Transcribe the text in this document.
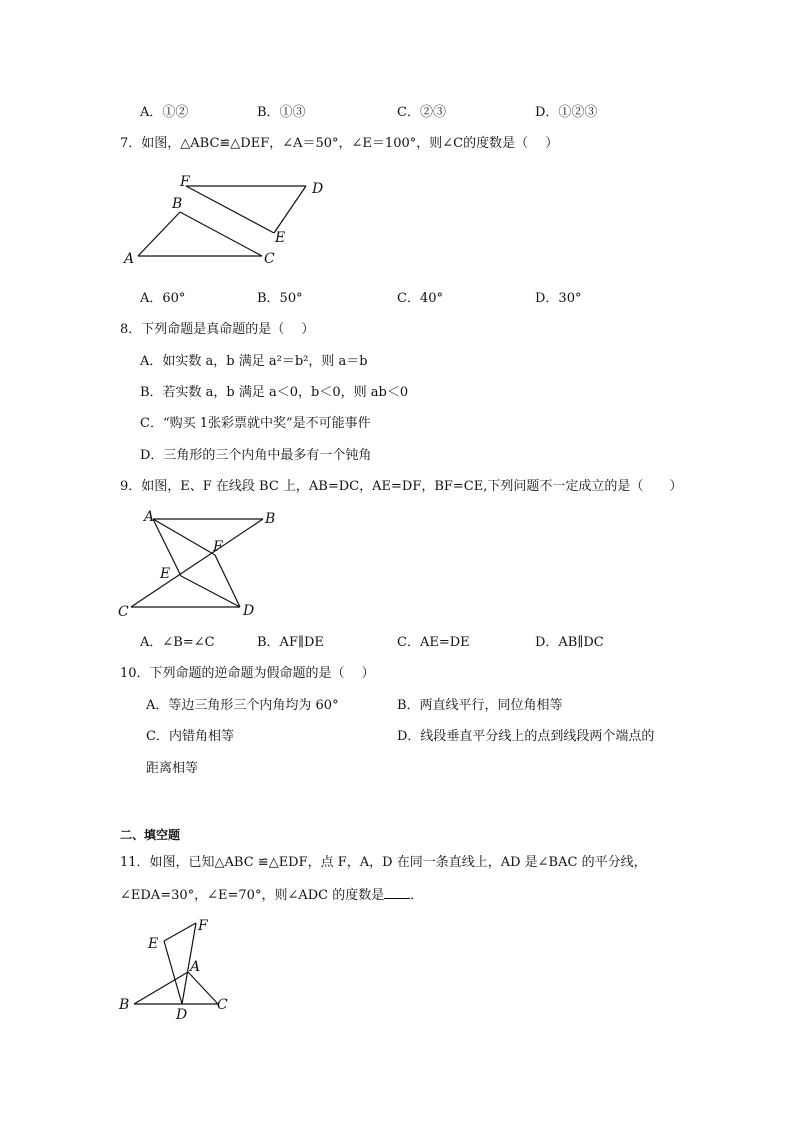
A．①②	B．①③	C．②③	D．①②③
7．如图，△ABC≌△DEF，∠A＝50°，∠E＝100°，则∠C的度数是（　 ）
F	D
B
E
A	C
A．60°	B．50°	C．40°	D．30°
8．下列命题是真命题的是（　 ）
A．如实数 a，b 满足 a²＝b²，则 a＝b
B．若实数 a，b 满足 a＜0，b＜0，则 ab＜0
C．“购买 1张彩票就中奖”是不可能事件
D．三角形的三个内角中最多有一个钝角
9．如图，E、F 在线段 BC 上，AB=DC，AE=DF，BF=CE,下列问题不一定成立的是（　　）
A	B
F
E
C	D
A．∠B=∠C	B．AF∥DE	C．AE=DE	D．AB∥DC
10．下列命题的逆命题为假命题的是（　 ）
A．等边三角形三个内角均为 60°	B．两直线平行，同位角相等
C．内错角相等	D．线段垂直平分线上的点到线段两个端点的
距离相等
二、填空题
11．如图，已知△ABC ≌△EDF，点 F，A，D 在同一条直线上，AD 是∠BAC 的平分线，
∠EDA=30°，∠E=70°，则∠ADC 的度数是 ．
E
F
A
B
D
C
